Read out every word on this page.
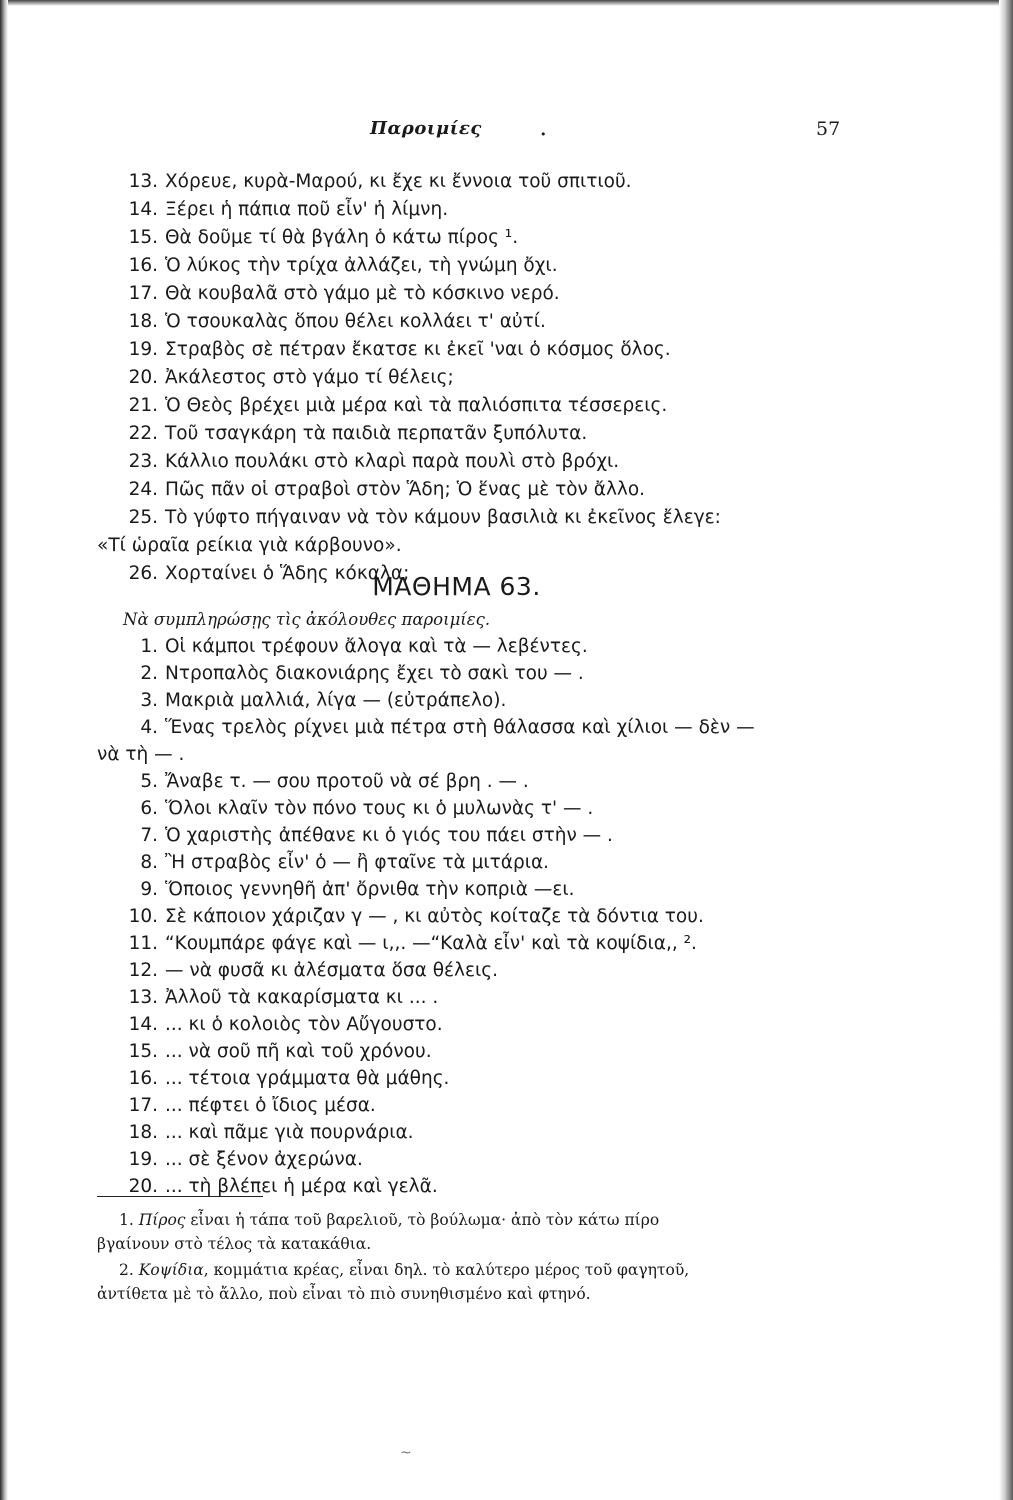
Παροιμίες	•	57
13. Χόρευε, κυρὰ-Μαρού, κι ἔχε κι ἔννοια τοῦ σπιτιοῦ.
14. Ξέρει ἡ πάπια ποῦ εἶν' ἡ λίμνη.
15. Θὰ δοῦμε τί θὰ βγάλη ὁ κάτω πίρος ¹.
16. Ὁ λύκος τὴν τρίχα ἀλλάζει, τὴ γνώμη ὄχι.
17. Θὰ κουβαλᾶ στὸ γάμο μὲ τὸ κόσκινο νερό.
18. Ὁ τσουκαλὰς ὅπου θέλει κολλάει τ' αὐτί.
19. Στραβὸς σὲ πέτραν ἔκατσε κι ἐκεῖ 'ναι ὁ κόσμος ὅλος.
20. Ἀκάλεστος στὸ γάμο τί θέλεις;
21. Ὁ Θεὸς βρέχει μιὰ μέρα καὶ τὰ παλιόσπιτα τέσσερεις.
22. Τοῦ τσαγκάρη τὰ παιδιὰ περπατᾶν ξυπόλυτα.
23. Κάλλιο πουλάκι στὸ κλαρὶ παρὰ πουλὶ στὸ βρόχι.
24. Πῶς πᾶν οἱ στραβοὶ στὸν Ἅδη; Ὁ ἕνας μὲ τὸν ἄλλο.
25. Τὸ γύφτο πήγαιναν νὰ τὸν κάμουν βασιλιὰ κι ἐκεῖνος ἔλεγε:
«Τί ὡραῖα ρείκια γιὰ κάρβουνο».
26. Χορταίνει ὁ Ἅδης κόκαλα;
ΜΑΘΗΜΑ 63.
Νὰ συμπληρώσῃς τὶς ἀκόλουθες παροιμίες.
1. Οἱ κάμποι τρέφουν ἄλογα καὶ τὰ — λεβέντες.
2. Ντροπαλὸς διακονιάρης ἔχει τὸ σακὶ του — .
3. Μακριὰ μαλλιά, λίγα — (εὐτράπελο).
4. Ἕνας τρελὸς ρίχνει μιὰ πέτρα στὴ θάλασσα καὶ χίλιοι — δὲν —
νὰ τὴ — .
5. Ἄναβε τ. — σου προτοῦ νὰ σέ βρη . — .
6. Ὅλοι κλαῖν τὸν πόνο τους κι ὁ μυλωνὰς τ' — .
7. Ὁ χαριστὴς ἀπέθανε κι ὁ γιός του πάει στὴν — .
8. Ἢ στραβὸς εἶν' ὁ — ἢ φταῖνε τὰ μιτάρια.
9. Ὅποιος γεννηθῆ ἀπ' ὄρνιθα τὴν κοπριὰ —ει.
10. Σὲ κάποιον χάριζαν γ — , κι αὐτὸς κοίταζε τὰ δόντια του.
11. “Κουμπάρε φάγε καὶ — ι,,. —“Καλὰ εἶν' καὶ τὰ κοψίδια,, ².
12. — νὰ φυσᾶ κι ἀλέσματα ὅσα θέλεις.
13. Ἀλλοῦ τὰ κακαρίσματα κι ... .
14. ... κι ὁ κολοιὸς τὸν Αὔγουστο.
15. ... νὰ σοῦ πῆ καὶ τοῦ χρόνου.
16. ... τέτοια γράμματα θὰ μάθης.
17. ... πέφτει ὁ ἴδιος μέσα.
18. ... καὶ πᾶμε γιὰ πουρνάρια.
19. ... σὲ ξένον ἀχερώνα.
20. ... τὴ βλέπει ἡ μέρα καὶ γελᾶ.
1. Πίρος εἶναι ἡ τάπα τοῦ βαρελιοῦ, τὸ βούλωμα· ἀπὸ τὸν κάτω πίρο
βγαίνουν στὸ τέλος τὰ κατακάθια.
2. Κοψίδια, κομμάτια κρέας, εἶναι δηλ. τὸ καλύτερο μέρος τοῦ φαγητοῦ,
ἀντίθετα μὲ τὸ ἄλλο, ποὺ εἶναι τὸ πιὸ συνηθισμένο καὶ φτηνό.
~
